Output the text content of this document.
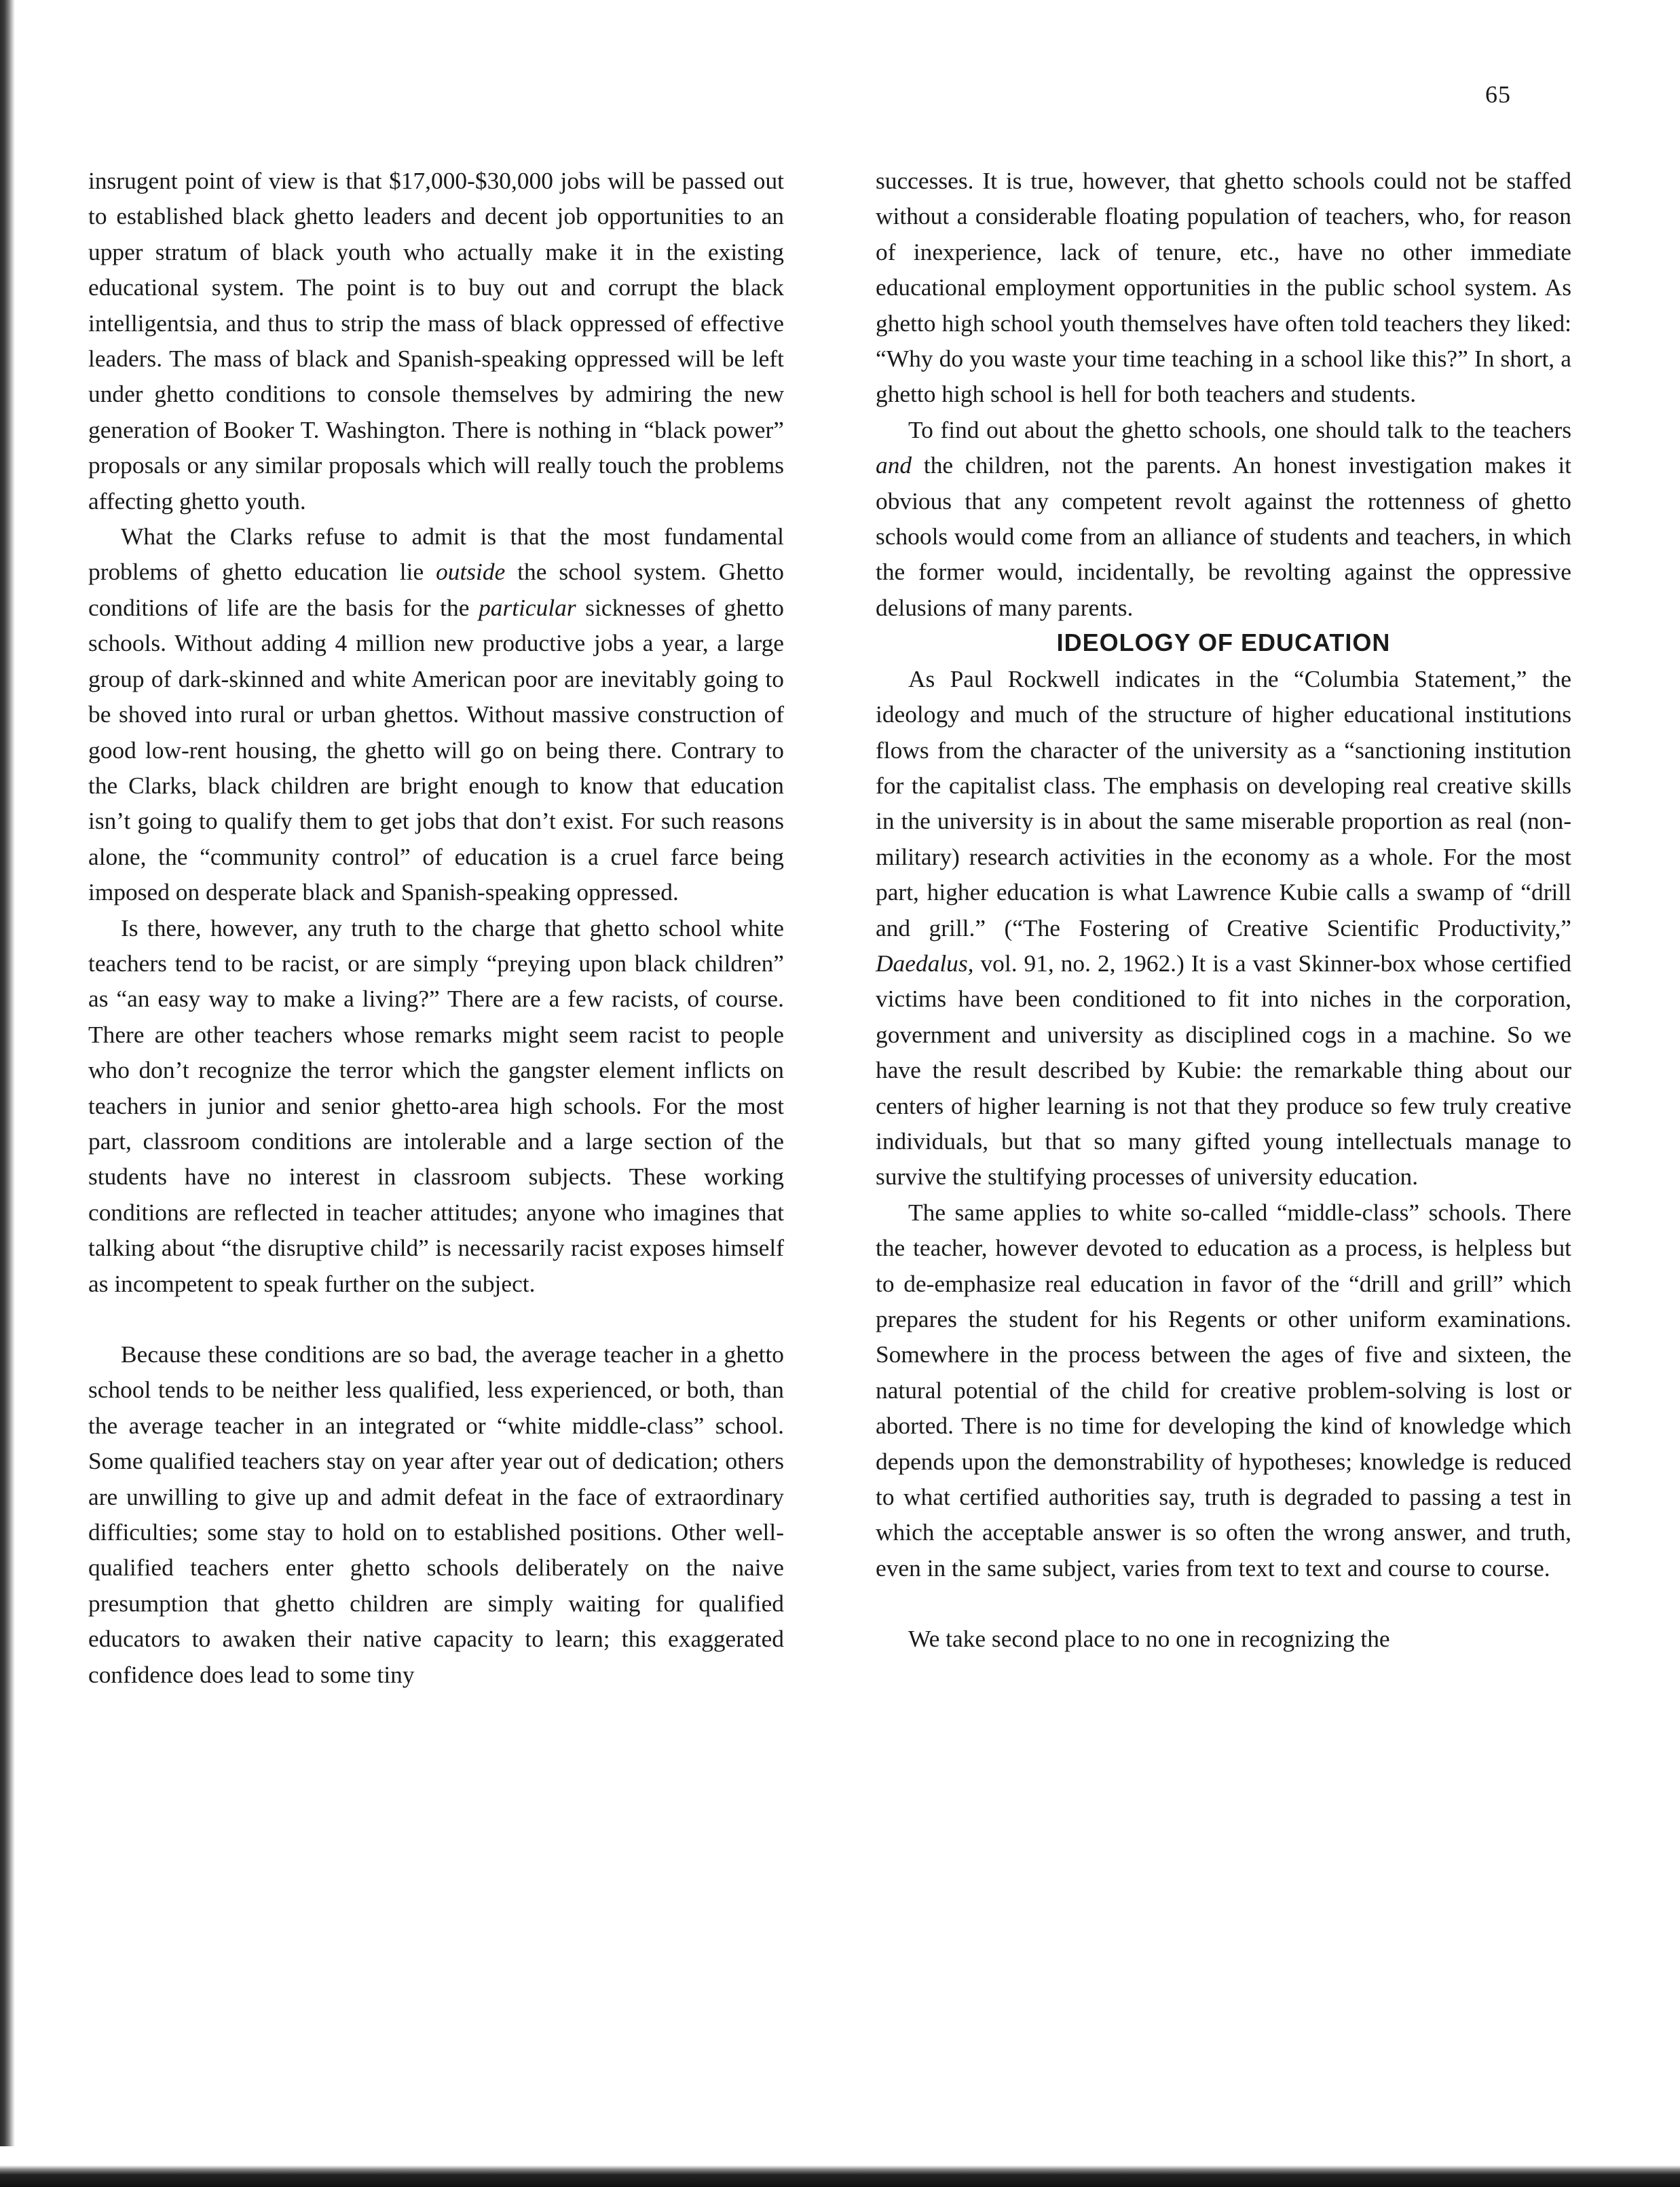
65

insrugent point of view is that $17,000-$30,000 jobs will be passed out to established black ghetto leaders and decent job opportunities to an upper stratum of black youth who actually make it in the existing educational system. The point is to buy out and corrupt the black intelligentsia, and thus to strip the mass of black oppressed of effective leaders. The mass of black and Spanish-speaking oppressed will be left under ghetto conditions to console themselves by admiring the new generation of Booker T. Washington. There is nothing in “black power” proposals or any similar proposals which will really touch the problems affecting ghetto youth.

What the Clarks refuse to admit is that the most fundamental problems of ghetto education lie outside the school system. Ghetto conditions of life are the basis for the particular sicknesses of ghetto schools. Without adding 4 million new productive jobs a year, a large group of dark-skinned and white American poor are inevitably going to be shoved into rural or urban ghettos. Without massive construction of good low-rent housing, the ghetto will go on being there. Contrary to the Clarks, black children are bright enough to know that education isn’t going to qualify them to get jobs that don’t exist. For such reasons alone, the “community control” of education is a cruel farce being imposed on desperate black and Spanish-speaking oppressed.

Is there, however, any truth to the charge that ghetto school white teachers tend to be racist, or are simply “preying upon black children” as “an easy way to make a living?” There are a few racists, of course. There are other teachers whose remarks might seem racist to people who don’t recognize the terror which the gangster element inflicts on teachers in junior and senior ghetto-area high schools. For the most part, classroom conditions are intolerable and a large section of the students have no interest in classroom subjects. These working conditions are reflected in teacher attitudes; anyone who imagines that talking about “the disruptive child” is necessarily racist exposes himself as incompetent to speak further on the subject.

Because these conditions are so bad, the average teacher in a ghetto school tends to be neither less qualified, less experienced, or both, than the average teacher in an integrated or “white middle-class” school. Some qualified teachers stay on year after year out of dedication; others are unwilling to give up and admit defeat in the face of extraordinary difficulties; some stay to hold on to established positions. Other well-qualified teachers enter ghetto schools deliberately on the naive presumption that ghetto children are simply waiting for qualified educators to awaken their native capacity to learn; this exaggerated confidence does lead to some tiny

successes. It is true, however, that ghetto schools could not be staffed without a considerable floating population of teachers, who, for reason of inexperience, lack of tenure, etc., have no other immediate educational employment opportunities in the public school system. As ghetto high school youth themselves have often told teachers they liked: “Why do you waste your time teaching in a school like this?” In short, a ghetto high school is hell for both teachers and students.

To find out about the ghetto schools, one should talk to the teachers and the children, not the parents. An honest investigation makes it obvious that any competent revolt against the rottenness of ghetto schools would come from an alliance of students and teachers, in which the former would, incidentally, be revolting against the oppressive delusions of many parents.

IDEOLOGY OF EDUCATION

As Paul Rockwell indicates in the “Columbia Statement,” the ideology and much of the structure of higher educational institutions flows from the character of the university as a “sanctioning institution for the capitalist class. The emphasis on developing real creative skills in the university is in about the same miserable proportion as real (non-military) research activities in the economy as a whole. For the most part, higher education is what Lawrence Kubie calls a swamp of “drill and grill.” (“The Fostering of Creative Scientific Productivity,” Daedalus, vol. 91, no. 2, 1962.) It is a vast Skinner-box whose certified victims have been conditioned to fit into niches in the corporation, government and university as disciplined cogs in a machine. So we have the result described by Kubie: the remarkable thing about our centers of higher learning is not that they produce so few truly creative individuals, but that so many gifted young intellectuals manage to survive the stultifying processes of university education.

The same applies to white so-called “middle-class” schools. There the teacher, however devoted to education as a process, is helpless but to de-emphasize real education in favor of the “drill and grill” which prepares the student for his Regents or other uniform examinations. Somewhere in the process between the ages of five and sixteen, the natural potential of the child for creative problem-solving is lost or aborted. There is no time for developing the kind of knowledge which depends upon the demonstrability of hypotheses; knowledge is reduced to what certified authorities say, truth is degraded to passing a test in which the acceptable answer is so often the wrong answer, and truth, even in the same subject, varies from text to text and course to course.

We take second place to no one in recognizing the
